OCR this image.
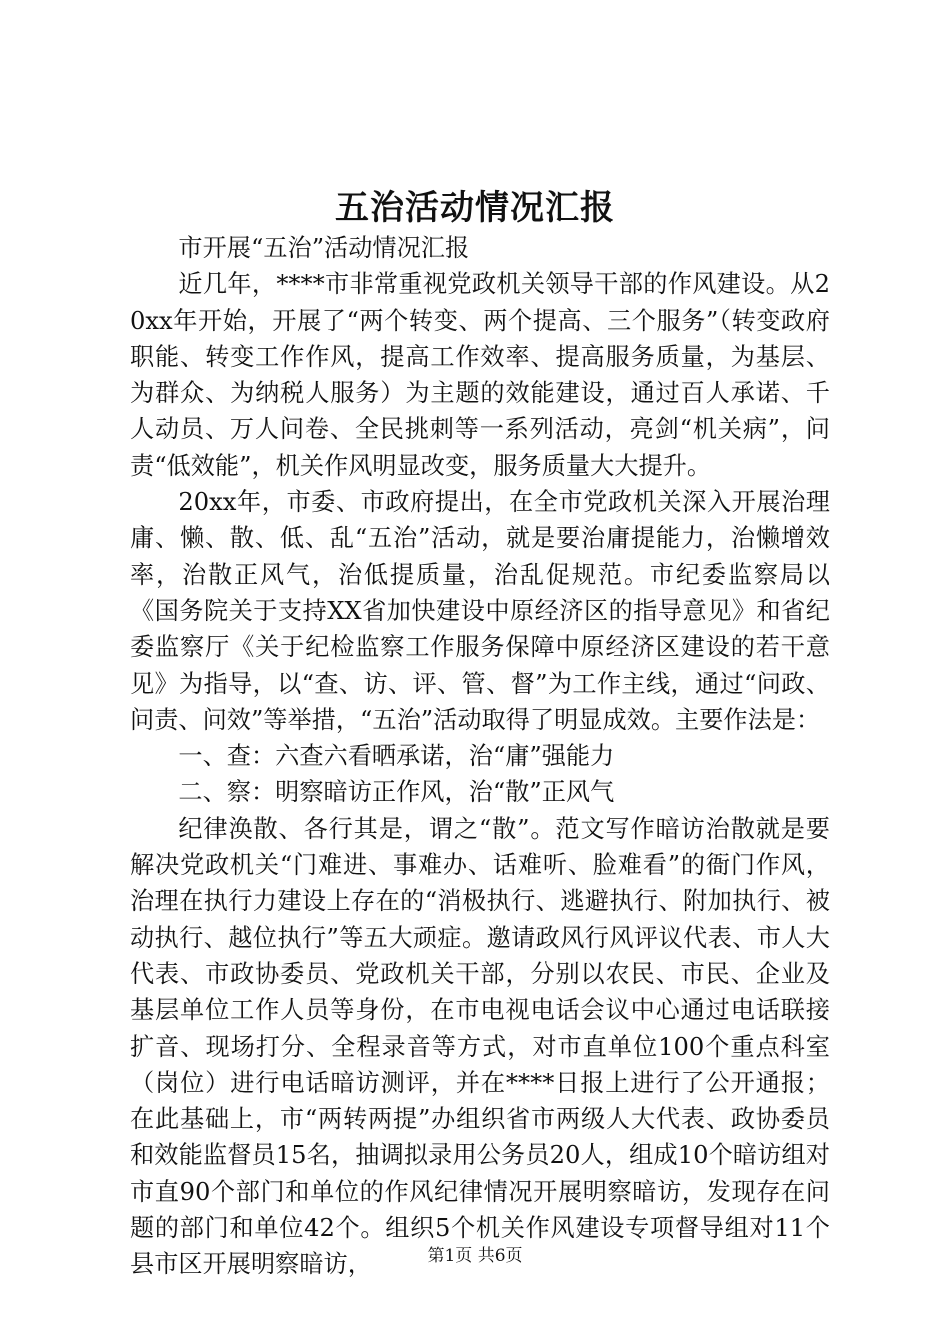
五治活动情况汇报

市开展“五治”活动情况汇报

近几年，****市非常重视党政机关领导干部的作风建设。从20xx年开始，开展了“两个转变、两个提高、三个服务”（转变政府职能、转变工作作风，提高工作效率、提高服务质量，为基层、为群众、为纳税人服务）为主题的效能建设，通过百人承诺、千人动员、万人问卷、全民挑刺等一系列活动，亮剑“机关病”，问责“低效能”，机关作风明显改变，服务质量大大提升。

20xx年，市委、市政府提出，在全市党政机关深入开展治理庸、懒、散、低、乱“五治”活动，就是要治庸提能力，治懒增效率，治散正风气，治低提质量，治乱促规范。市纪委监察局以《国务院关于支持XX省加快建设中原经济区的指导意见》和省纪委监察厅《关于纪检监察工作服务保障中原经济区建设的若干意见》为指导，以“查、访、评、管、督”为工作主线，通过“问政、问责、问效”等举措，“五治”活动取得了明显成效。主要作法是：

一、查：六查六看晒承诺，治“庸”强能力

二、察：明察暗访正作风，治“散”正风气

纪律涣散、各行其是，谓之“散”。范文写作暗访治散就是要解决党政机关“门难进、事难办、话难听、脸难看”的衙门作风，治理在执行力建设上存在的“消极执行、逃避执行、附加执行、被动执行、越位执行”等五大顽症。邀请政风行风评议代表、市人大代表、市政协委员、党政机关干部，分别以农民、市民、企业及基层单位工作人员等身份，在市电视电话会议中心通过电话联接扩音、现场打分、全程录音等方式，对市直单位100个重点科室（岗位）进行电话暗访测评，并在****日报上进行了公开通报；在此基础上，市“两转两提”办组织省市两级人大代表、政协委员和效能监督员15名，抽调拟录用公务员20人，组成10个暗访组对市直90个部门和单位的作风纪律情况开展明察暗访，发现存在问题的部门和单位42个。组织5个机关作风建设专项督导组对11个县市区开展明察暗访，	第1页 共6页
